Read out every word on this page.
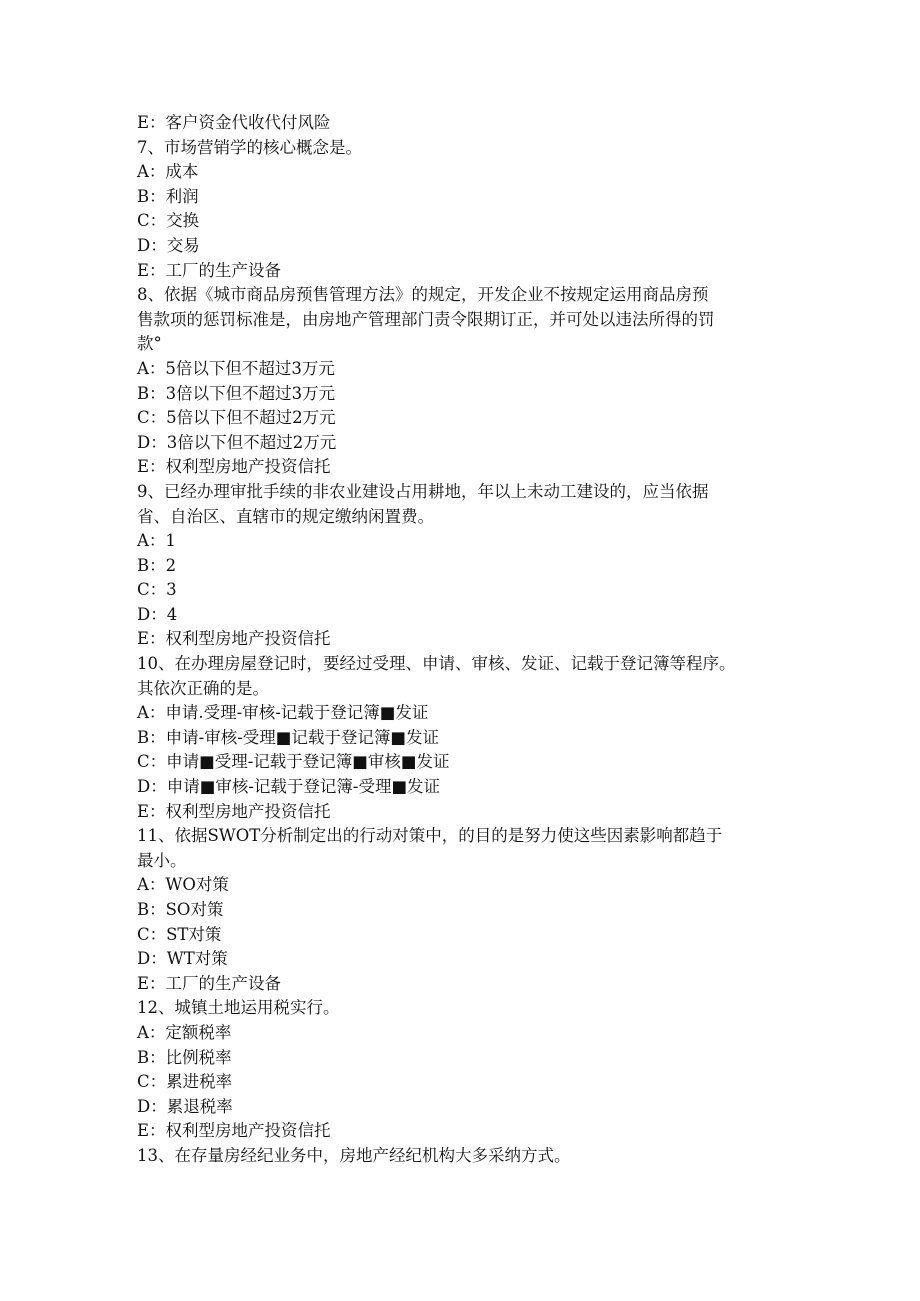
E：客户资金代收代付风险
7、市场营销学的核心概念是。
A：成本
B：利润
C：交换
D：交易
E：工厂的生产设备
8、依据《城市商品房预售管理方法》的规定，开发企业不按规定运用商品房预
售款项的惩罚标准是，由房地产管理部门责令限期订正，并可处以违法所得的罚
款°
A：5倍以下但不超过3万元
B：3倍以下但不超过3万元
C：5倍以下但不超过2万元
D：3倍以下但不超过2万元
E：权利型房地产投资信托
9、已经办理审批手续的非农业建设占用耕地，年以上未动工建设的，应当依据
省、自治区、直辖市的规定缴纳闲置费。
A：1
B：2
C：3
D：4
E：权利型房地产投资信托
10、在办理房屋登记时，要经过受理、申请、审核、发证、记载于登记簿等程序。
其依次正确的是。
A：申请.受理-审核-记载于登记簿■发证
B：申请-审核-受理■记载于登记簿■发证
C：申请■受理-记载于登记簿■审核■发证
D：申请■审核-记载于登记簿-受理■发证
E：权利型房地产投资信托
11、依据SWOT分析制定出的行动对策中，的目的是努力使这些因素影响都趋于
最小。
A：WO对策
B：SO对策
C：ST对策
D：WT对策
E：工厂的生产设备
12、城镇土地运用税实行。
A：定额税率
B：比例税率
C：累进税率
D：累退税率
E：权利型房地产投资信托
13、在存量房经纪业务中，房地产经纪机构大多采纳方式。
